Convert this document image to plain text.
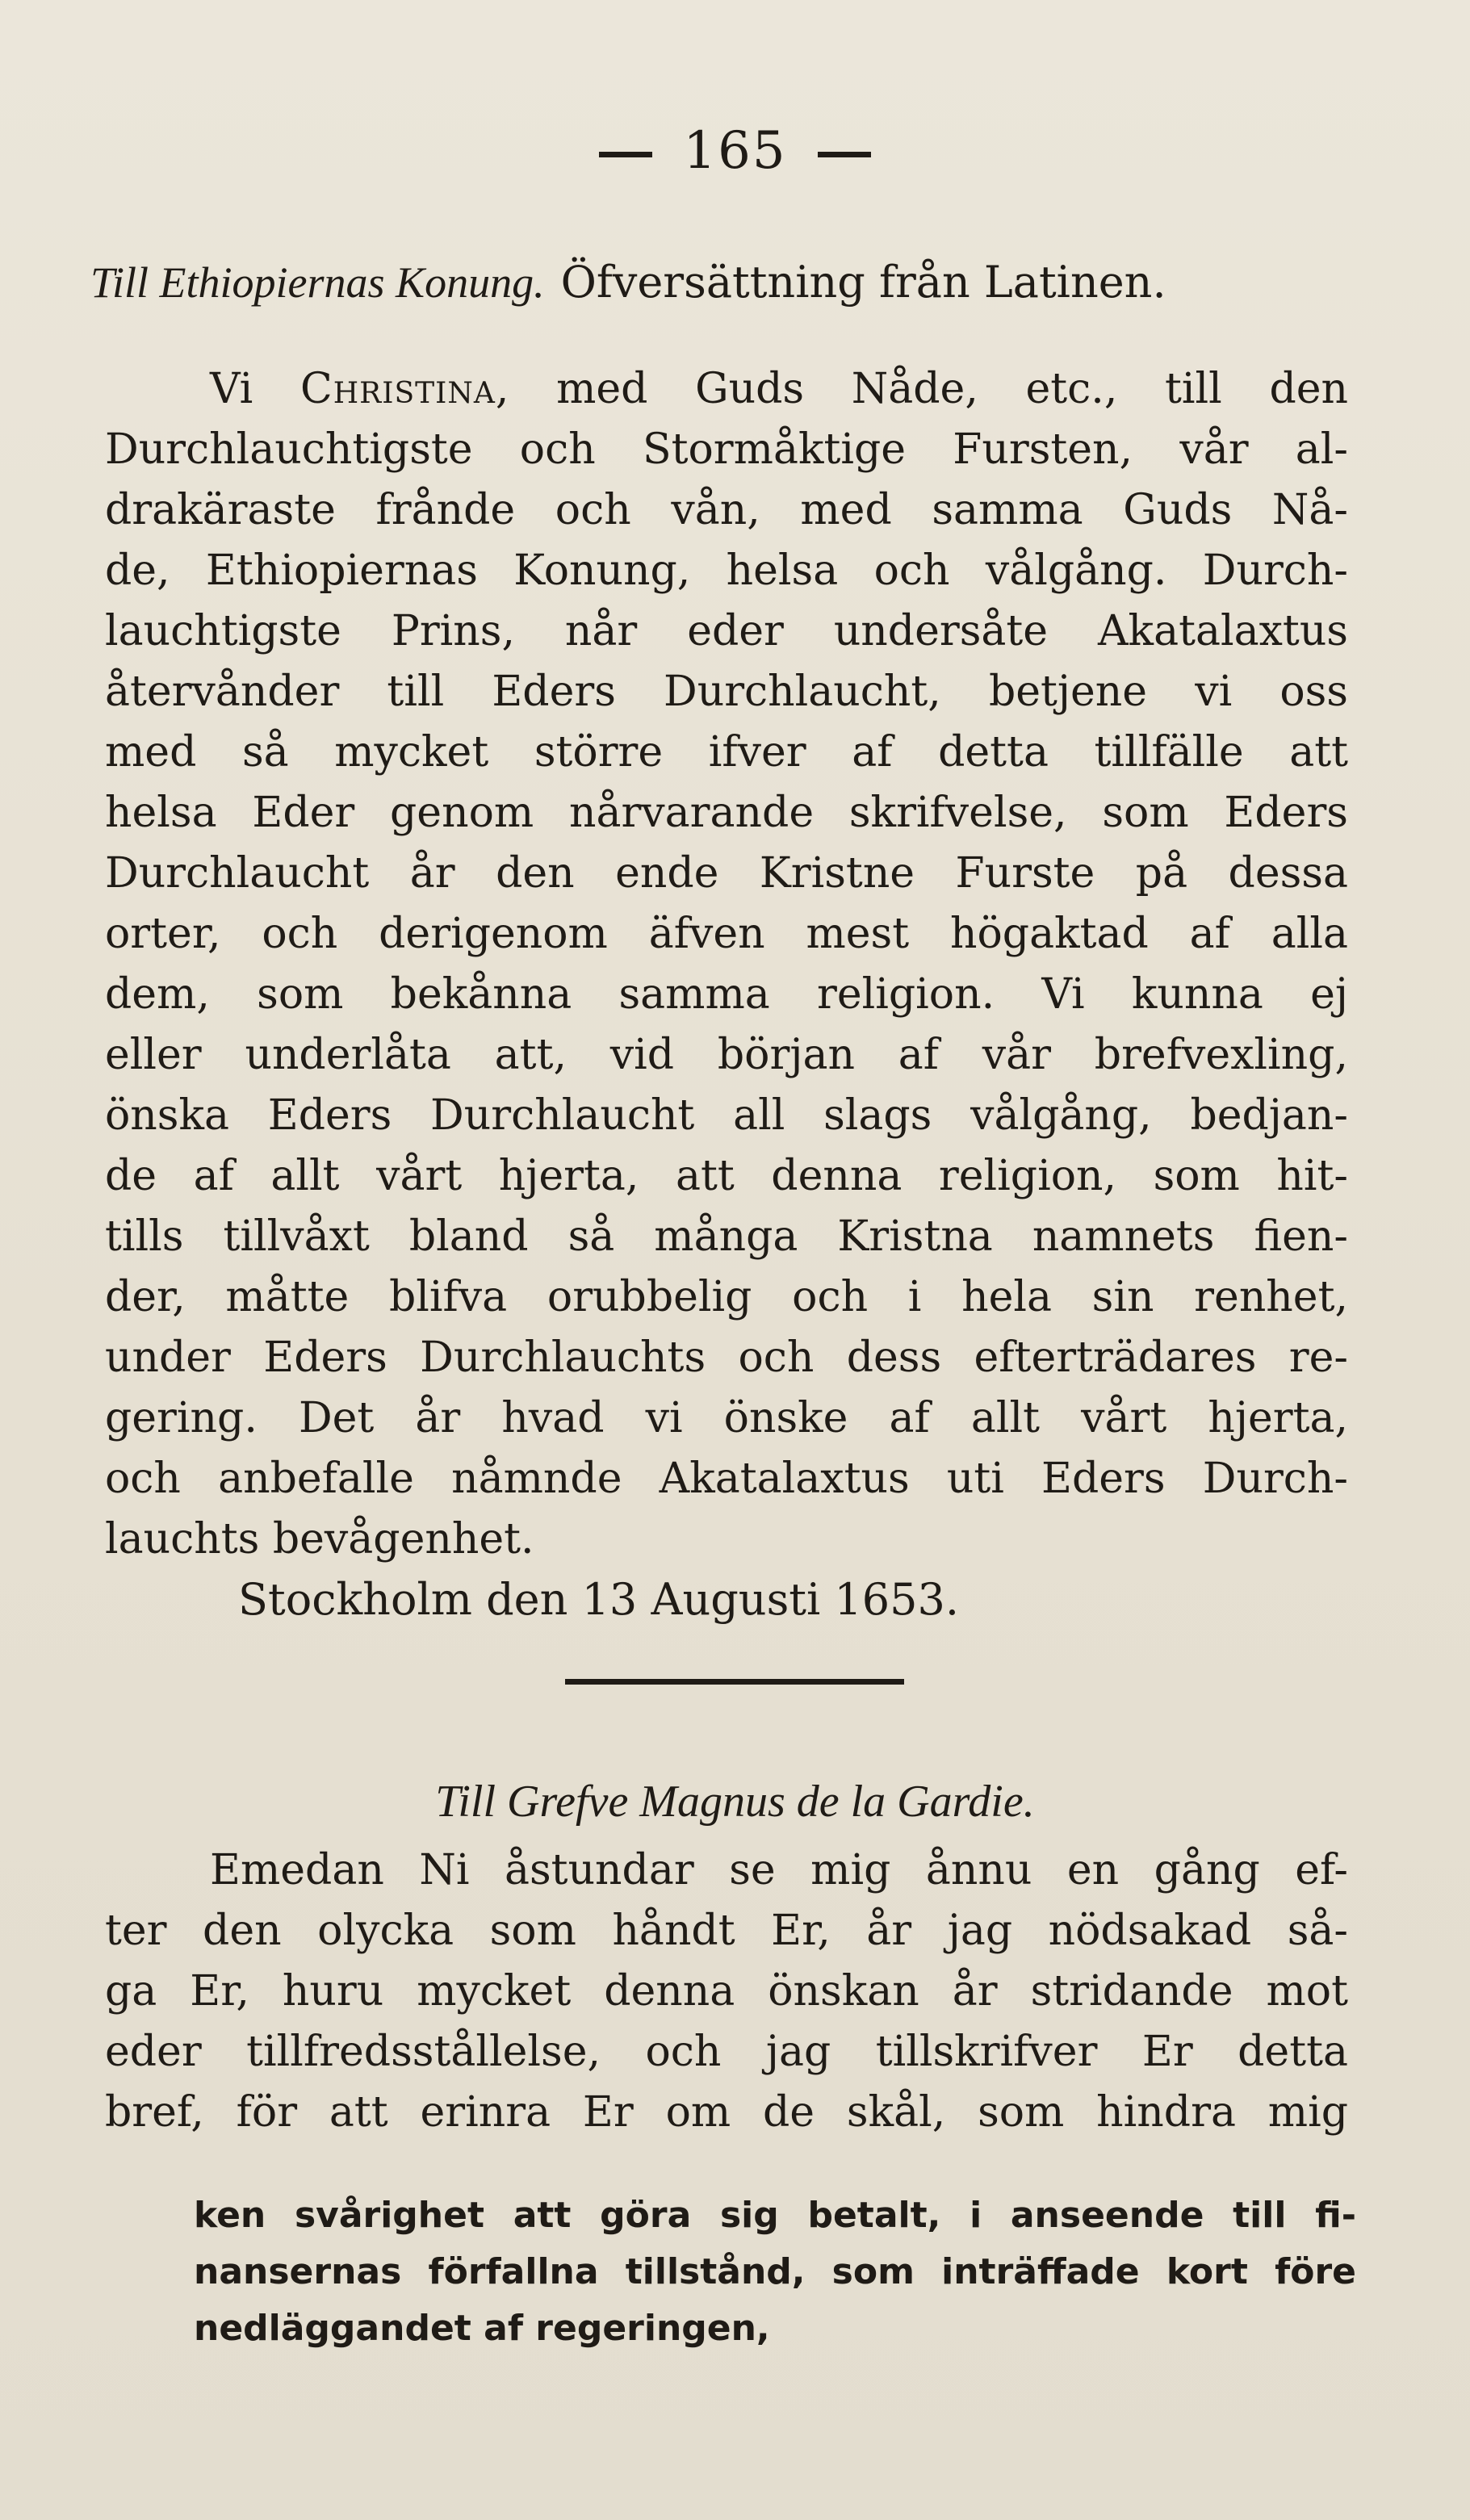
165
Till Ethiopiernas Konung. Öfversättning från Latinen.
Vi Christina, med Guds Nåde, etc., till den
Durchlauchtigste och Stormåktige Fursten, vår al-
drakäraste frånde och vån, med samma Guds Nå-
de, Ethiopiernas Konung, helsa och vålgång. Durch-
lauchtigste Prins, når eder undersåte Akatalaxtus
återvånder till Eders Durchlaucht, betjene vi oss
med så mycket större ifver af detta tillfälle att
helsa Eder genom nårvarande skrifvelse, som Eders
Durchlaucht år den ende Kristne Furste på dessa
orter, och derigenom äfven mest högaktad af alla
dem, som bekånna samma religion. Vi kunna ej
eller underlåta att, vid början af vår brefvexling,
önska Eders Durchlaucht all slags vålgång, bedjan-
de af allt vårt hjerta, att denna religion, som hit-
tills tillvåxt bland så många Kristna namnets fien-
der, måtte blifva orubbelig och i hela sin renhet,
under Eders Durchlauchts och dess efterträdares re-
gering. Det år hvad vi önske af allt vårt hjerta,
och anbefalle nåmnde Akatalaxtus uti Eders Durch-
lauchts bevågenhet.
Stockholm den 13 Augusti 1653.
Till Grefve Magnus de la Gardie.
Emedan Ni åstundar se mig ånnu en gång ef-
ter den olycka som håndt Er, år jag nödsakad så-
ga Er, huru mycket denna önskan år stridande mot
eder tillfredsstållelse, och jag tillskrifver Er detta
bref, för att erinra Er om de skål, som hindra mig
ken svårighet att göra sig betalt, i anseende till fi-
nansernas förfallna tillstånd, som inträffade kort före
nedläggandet af regeringen,
